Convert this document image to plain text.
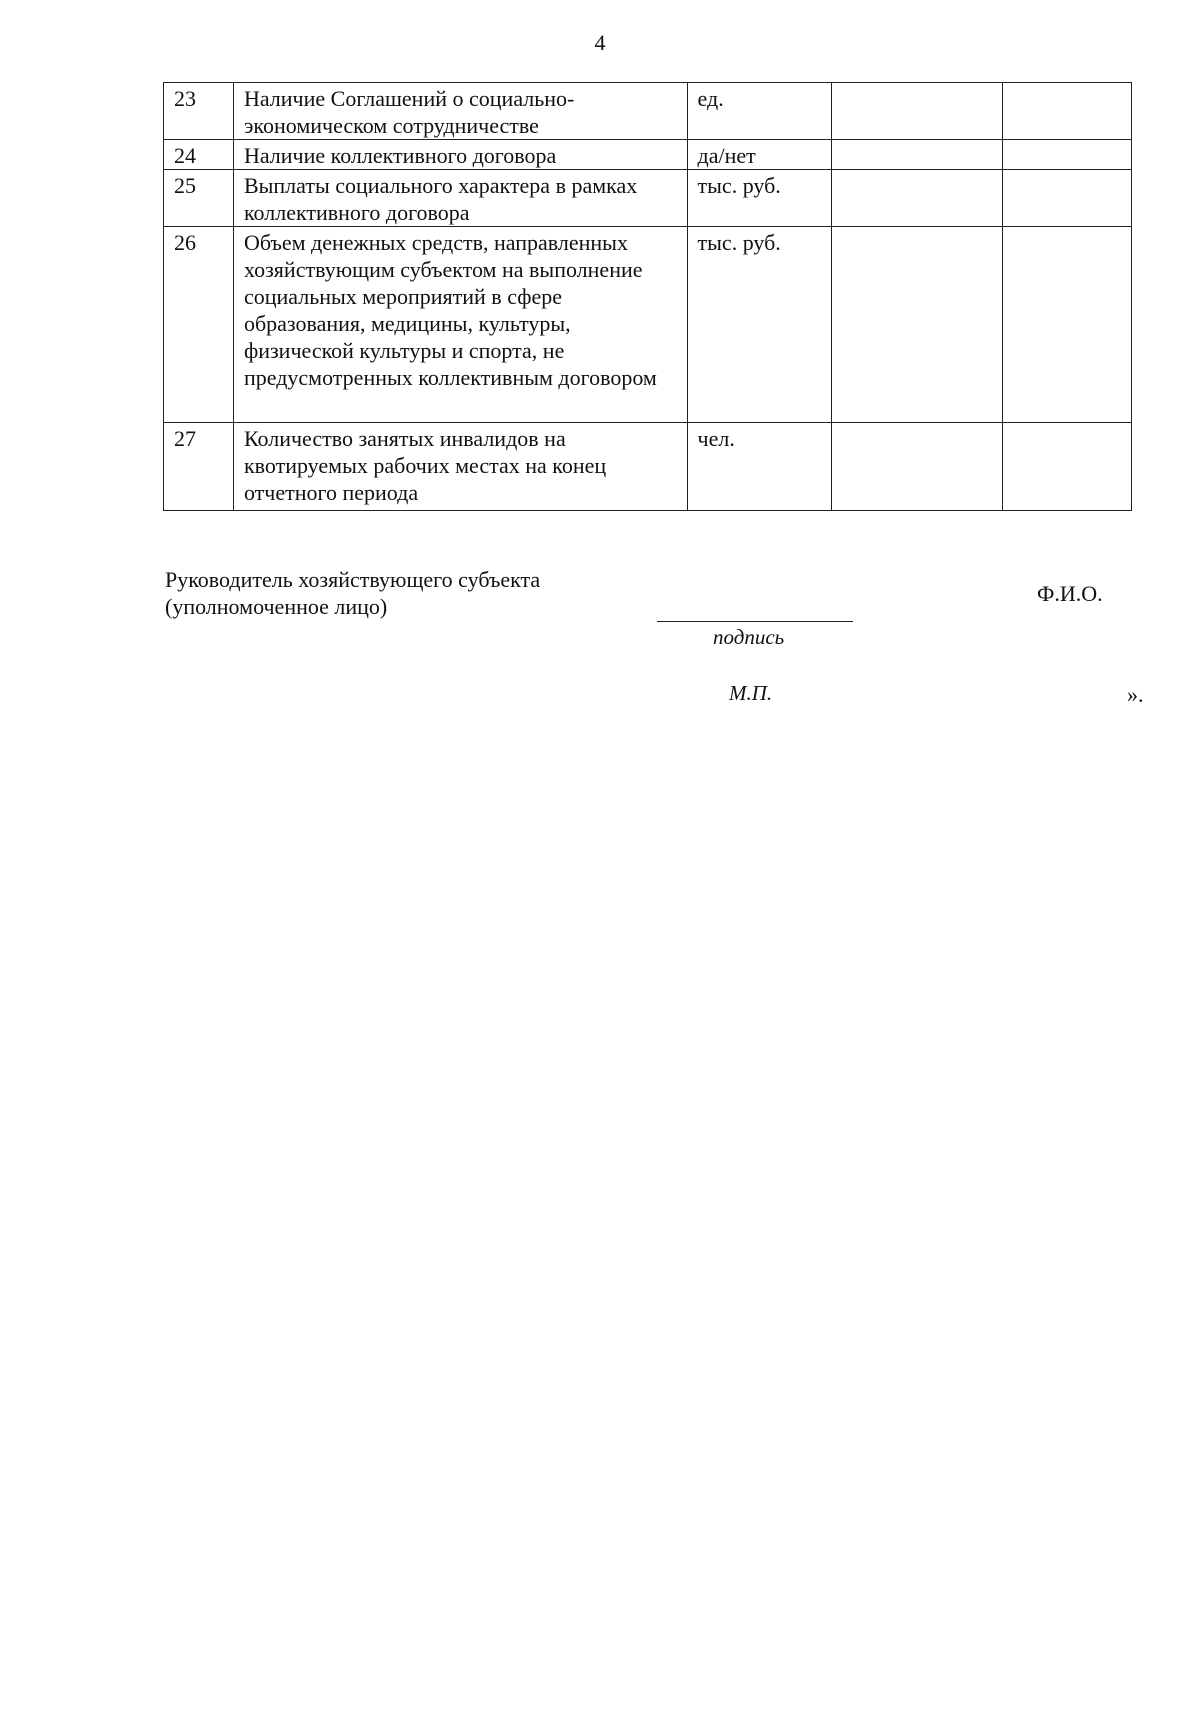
4
23	Наличие Соглашений о социально-экономическом сотрудничестве	ед.		
24	Наличие коллективного договора	да/нет		
25	Выплаты социального характера в рамках коллективного договора	тыс. руб.		
26	Объем денежных средств, направленных хозяйствующим субъектом на выполнение социальных мероприятий в сфере образования, медицины, культуры, физической культуры и спорта, не предусмотренных коллективным договором	тыс. руб.		
27	Количество занятых инвалидов на квотируемых рабочих местах на конец отчетного периода	чел.		
Руководитель хозяйствующего субъекта
(уполномоченное лицо)
Ф.И.О.
подпись
М.П.	».
